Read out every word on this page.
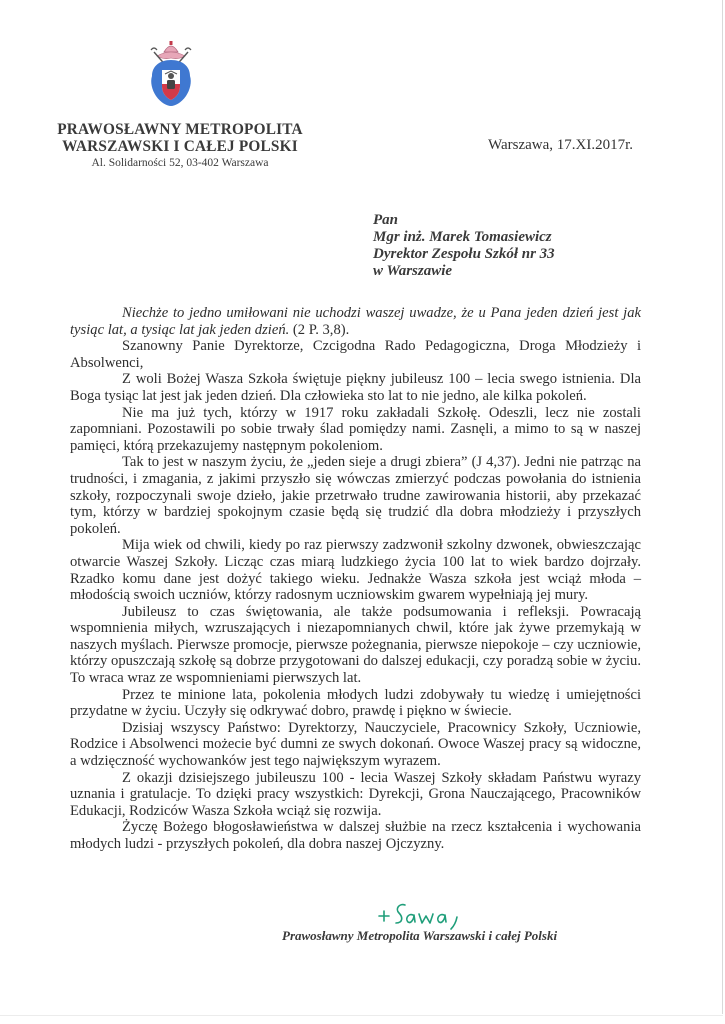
PRAWOSŁAWNY METROPOLITA
WARSZAWSKI I CAŁEJ POLSKI
Al. Solidarności 52, 03-402 Warszawa
Warszawa, 17.XI.2017r.
Pan
Mgr inż. Marek Tomasiewicz
Dyrektor Zespołu Szkół nr 33
w Warszawie

Niechże to jedno umiłowani nie uchodzi waszej uwadze, że u Pana jeden dzień jest jak tysiąc lat, a tysiąc lat jak jeden dzień. (2 P. 3,8).

Szanowny Panie Dyrektorze, Czcigodna Rado Pedagogiczna, Droga Młodzieży i Absolwenci,

Z woli Bożej Wasza Szkoła świętuje piękny jubileusz 100 – lecia swego istnienia. Dla Boga tysiąc lat jest jak jeden dzień. Dla człowieka sto lat to nie jedno, ale kilka pokoleń.

Nie ma już tych, którzy w 1917 roku zakładali Szkołę. Odeszli, lecz nie zostali zapomniani. Pozostawili po sobie trwały ślad pomiędzy nami. Zasnęli, a mimo to są w naszej pamięci, którą przekazujemy następnym pokoleniom.

Tak to jest w naszym życiu, że „jeden sieje a drugi zbiera” (J 4,37). Jedni nie patrząc na trudności, i zmagania, z jakimi przyszło się wówczas zmierzyć podczas powołania do istnienia szkoły, rozpoczynali swoje dzieło, jakie przetrwało trudne zawirowania historii, aby przekazać tym, którzy w bardziej spokojnym czasie będą się trudzić dla dobra młodzieży i przyszłych pokoleń.

Mija wiek od chwili, kiedy po raz pierwszy zadzwonił szkolny dzwonek, obwieszczając otwarcie Waszej Szkoły. Licząc czas miarą ludzkiego życia 100 lat to wiek bardzo dojrzały. Rzadko komu dane jest dożyć takiego wieku. Jednakże Wasza szkoła jest wciąż młoda – młodością swoich uczniów, którzy radosnym uczniowskim gwarem wypełniają jej mury.

Jubileusz to czas świętowania, ale także podsumowania i refleksji. Powracają wspomnienia miłych, wzruszających i niezapomnianych chwil, które jak żywe przemykają w naszych myślach. Pierwsze promocje, pierwsze pożegnania, pierwsze niepokoje – czy uczniowie, którzy opuszczają szkołę są dobrze przygotowani do dalszej edukacji, czy poradzą sobie w życiu. To wraca wraz ze wspomnieniami pierwszych lat.

Przez te minione lata, pokolenia młodych ludzi zdobywały tu wiedzę i umiejętności przydatne w życiu. Uczyły się odkrywać dobro, prawdę i piękno w świecie.

Dzisiaj wszyscy Państwo: Dyrektorzy, Nauczyciele, Pracownicy Szkoły, Uczniowie, Rodzice i Absolwenci możecie być dumni ze swych dokonań. Owoce Waszej pracy są widoczne, a wdzięczność wychowanków jest tego największym wyrazem.

Z okazji dzisiejszego jubileuszu 100 - lecia Waszej Szkoły składam Państwu wyrazy uznania i gratulacje. To dzięki pracy wszystkich: Dyrekcji, Grona Nauczającego, Pracowników Edukacji, Rodziców Wasza Szkoła wciąż się rozwija.

Życzę Bożego błogosławieństwa w dalszej służbie na rzecz kształcenia i wychowania młodych ludzi - przyszłych pokoleń, dla dobra naszej Ojczyzny.

Prawosławny Metropolita Warszawski i całej Polski
